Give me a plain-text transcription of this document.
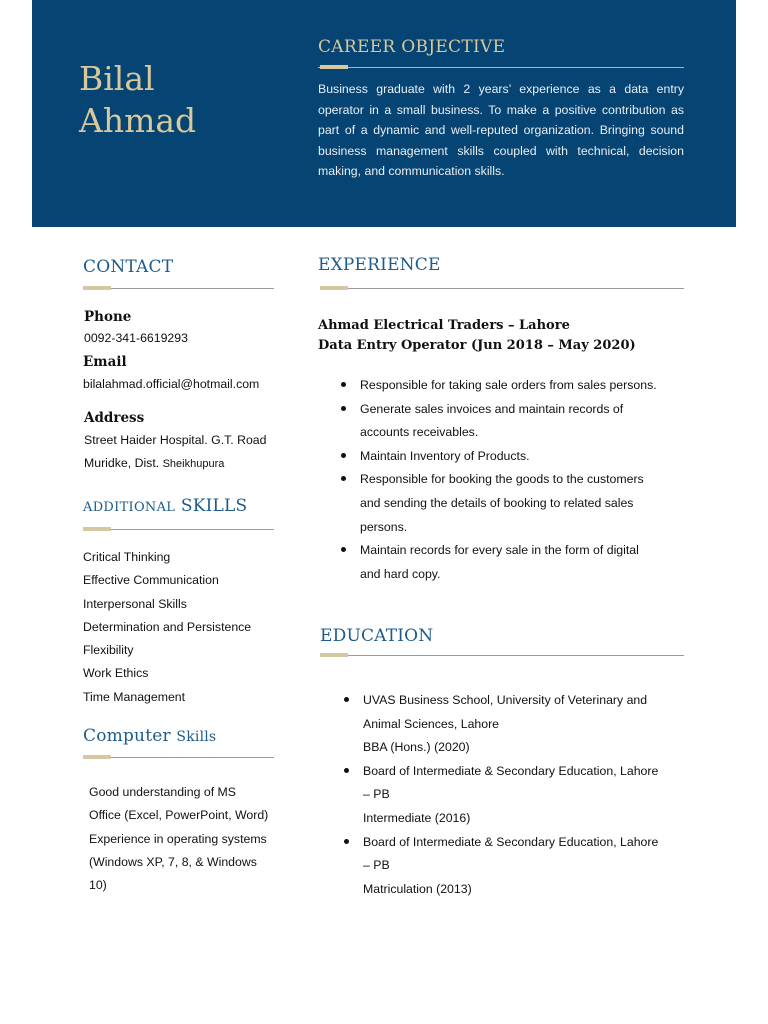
Bilal
Ahmad
CAREER OBJECTIVE
Business graduate with 2 years’ experience as a data entry operator in a small business. To make a positive contribution as part of a dynamic and well-reputed organization. Bringing sound business management skills coupled with technical, decision making, and communication skills.
CONTACT
Phone
0092-341-6619293
Email
bilalahmad.official@hotmail.com
Address
Street Haider Hospital. G.T. Road
Muridke, Dist. Sheikhupura
ADDITIONAL SKILLS
Critical Thinking
Effective Communication
Interpersonal Skills
Determination and Persistence
Flexibility
Work Ethics
Time Management
Computer Skills
Good understanding of MS
Office (Excel, PowerPoint, Word)
Experience in operating systems
(Windows XP, 7, 8, & Windows
10)
EXPERIENCE
Ahmad Electrical Traders – Lahore
Data Entry Operator (Jun 2018 – May 2020)
Responsible for taking sale orders from sales persons.
Generate sales invoices and maintain records of
accounts receivables.
Maintain Inventory of Products.
Responsible for booking the goods to the customers
and sending the details of booking to related sales
persons.
Maintain records for every sale in the form of digital
and hard copy.
EDUCATION
UVAS Business School, University of Veterinary and
Animal Sciences, Lahore
BBA (Hons.) (2020)
Board of Intermediate & Secondary Education, Lahore
– PB
Intermediate (2016)
Board of Intermediate & Secondary Education, Lahore
– PB
Matriculation (2013)
